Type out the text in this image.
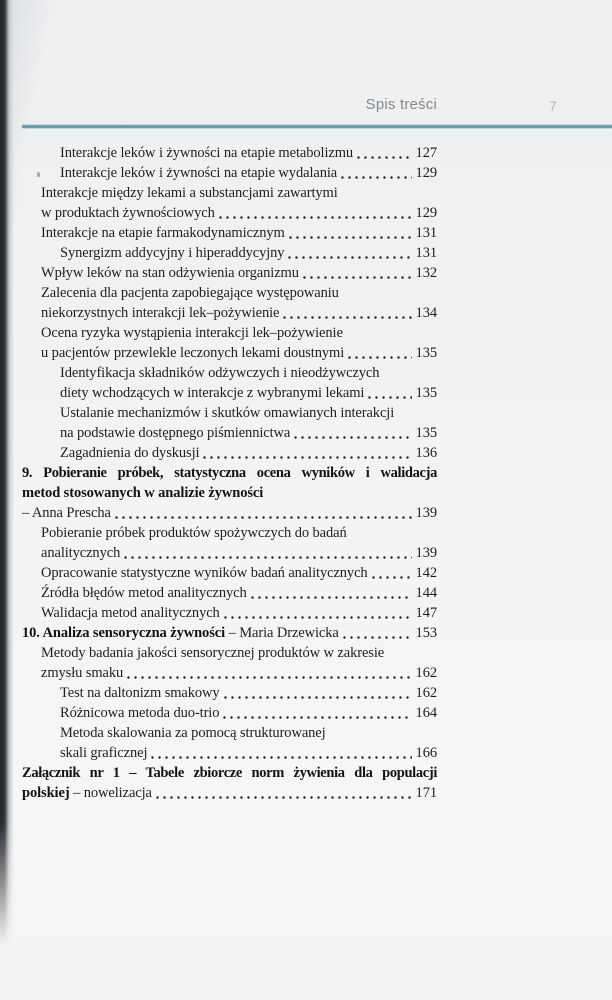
Spis treści	7
Interakcje leków i żywności na etapie metabolizmu	127
Interakcje leków i żywności na etapie wydalania	129
Interakcje między lekami a substancjami zawartymi
w produktach żywnościowych	129
Interakcje na etapie farmakodynamicznym	131
Synergizm addycyjny i hiperaddycyjny	131
Wpływ leków na stan odżywienia organizmu	132
Zalecenia dla pacjenta zapobiegające występowaniu
niekorzystnych interakcji lek–pożywienie	134
Ocena ryzyka wystąpienia interakcji lek–pożywienie
u pacjentów przewlekle leczonych lekami doustnymi	135
Identyfikacja składników odżywczych i nieodżywczych
diety wchodzących w interakcje z wybranymi lekami	135
Ustalanie mechanizmów i skutków omawianych interakcji
na podstawie dostępnego piśmiennictwa	135
Zagadnienia do dyskusji	136
9. Pobieranie próbek, statystyczna ocena wyników i walidacja
metod stosowanych w analizie żywności
– Anna Prescha	139
Pobieranie próbek produktów spożywczych do badań
analitycznych	139
Opracowanie statystyczne wyników badań analitycznych	142
Źródła błędów metod analitycznych	144
Walidacja metod analitycznych	147
10. Analiza sensoryczna żywności – Maria Drzewicka	153
Metody badania jakości sensorycznej produktów w zakresie
zmysłu smaku	162
Test na daltonizm smakowy	162
Różnicowa metoda duo-trio	164
Metoda skalowania za pomocą strukturowanej
skali graficznej	166
Załącznik nr 1 – Tabele zbiorcze norm żywienia dla populacji
polskiej – nowelizacja	171
